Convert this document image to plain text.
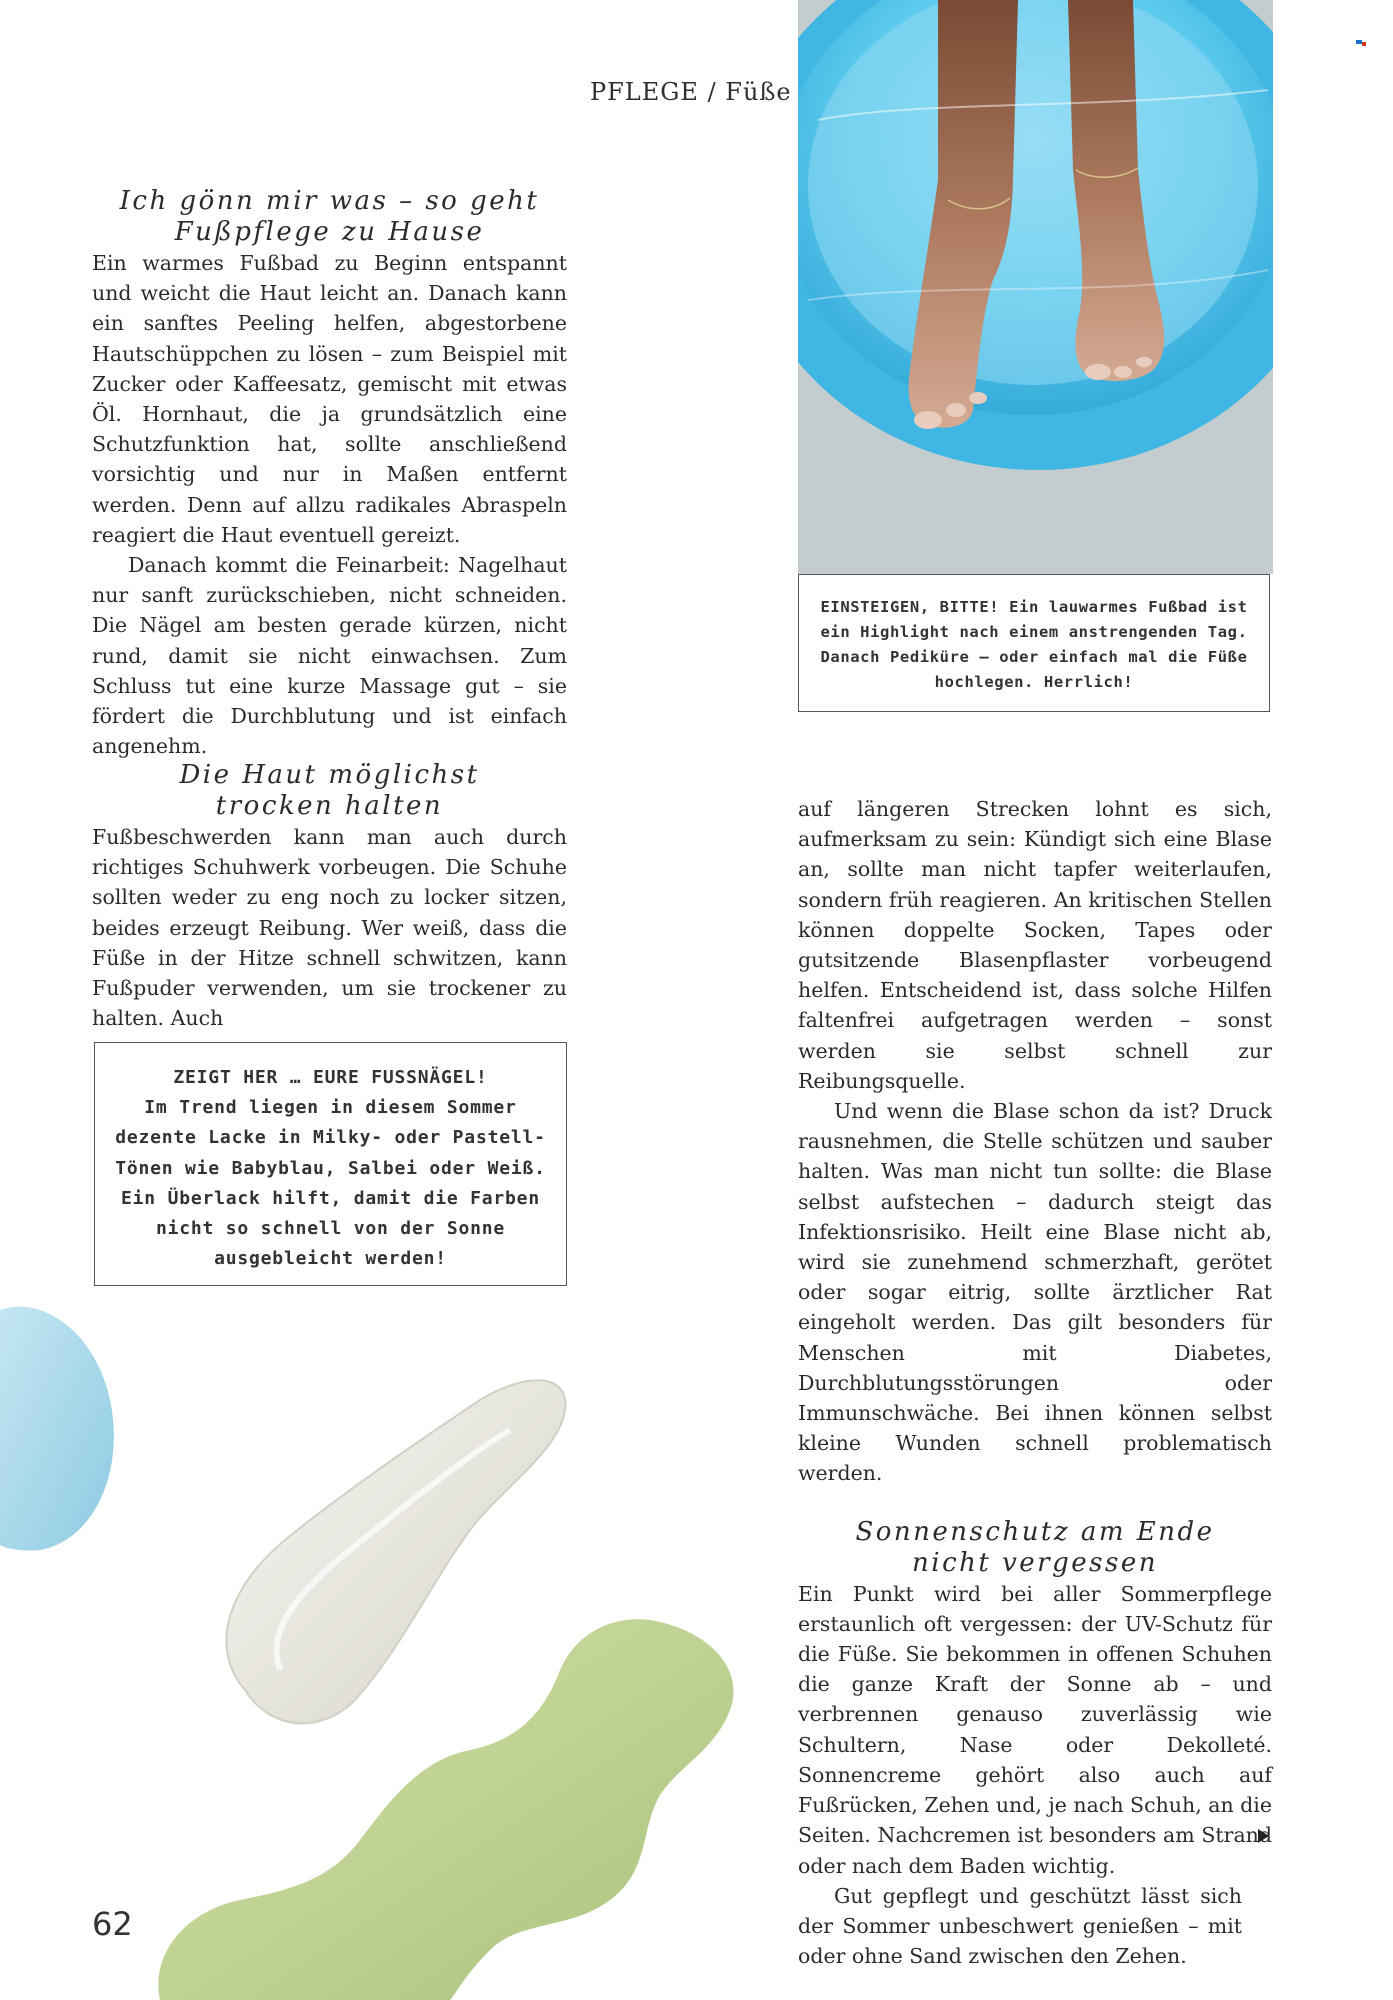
PFLEGE / Füße
EINSTEIGEN, BITTE! Ein lauwarmes Fußbad ist ein Highlight nach einem anstrengenden Tag. Danach Pediküre – oder einfach mal die Füße hochlegen. Herrlich!
Ich gönn mir was – so geht
Fußpflege zu Hause

Ein warmes Fußbad zu Beginn entspannt und weicht die Haut leicht an. Danach kann ein sanftes Peeling helfen, abgestorbene Hautschüppchen zu lösen – zum Beispiel mit Zucker oder Kaffeesatz, gemischt mit etwas Öl. Hornhaut, die ja grundsätzlich eine Schutzfunktion hat, sollte anschließend vorsichtig und nur in Maßen entfernt werden. Denn auf allzu radikales Abraspeln reagiert die Haut eventuell gereizt.

Danach kommt die Feinarbeit: Nagelhaut nur sanft zurückschieben, nicht schneiden. Die Nägel am besten gerade kürzen, nicht rund, damit sie nicht einwachsen. Zum Schluss tut eine kurze Massage gut – sie fördert die Durchblutung und ist einfach angenehm.

Die Haut möglichst
trocken halten

Fußbeschwerden kann man auch durch richtiges Schuhwerk vorbeugen. Die Schuhe sollten weder zu eng noch zu locker sitzen, beides erzeugt Reibung. Wer weiß, dass die Füße in der Hitze schnell schwitzen, kann Fußpuder verwenden, um sie trockener zu halten. Auch

ZEIGT HER … EURE FUSSNÄGEL!
Im Trend liegen in diesem Sommer dezente Lacke in Milky- oder Pastell-Tönen wie Babyblau, Salbei oder Weiß. Ein Überlack hilft, damit die Farben nicht so schnell von der Sonne ausgebleicht werden!

auf längeren Strecken lohnt es sich, aufmerksam zu sein: Kündigt sich eine Blase an, sollte man nicht tapfer weiterlaufen, sondern früh reagieren. An kritischen Stellen können doppelte Socken, Tapes oder gutsitzende Blasenpflaster vorbeugend helfen. Entscheidend ist, dass solche Hilfen faltenfrei aufgetragen werden – sonst werden sie selbst schnell zur Reibungsquelle.

Und wenn die Blase schon da ist? Druck rausnehmen, die Stelle schützen und sauber halten. Was man nicht tun sollte: die Blase selbst aufstechen – dadurch steigt das Infektionsrisiko. Heilt eine Blase nicht ab, wird sie zunehmend schmerzhaft, gerötet oder sogar eitrig, sollte ärztlicher Rat eingeholt werden. Das gilt besonders für Menschen mit Diabetes, Durchblutungsstörungen oder Immunschwäche. Bei ihnen können selbst kleine Wunden schnell problematisch werden.

Sonnenschutz am Ende
nicht vergessen

Ein Punkt wird bei aller Sommerpflege erstaunlich oft vergessen: der UV-Schutz für die Füße. Sie bekommen in offenen Schuhen die ganze Kraft der Sonne ab – und verbrennen genauso zuverlässig wie Schultern, Nase oder Dekolleté. Sonnencreme gehört also auch auf Fußrücken, Zehen und, je nach Schuh, an die Seiten. Nachcremen ist besonders am Strand oder nach dem Baden wichtig.

Gut gepflegt und geschützt lässt sich der Sommer unbeschwert genießen – mit oder ohne Sand zwischen den Zehen.

62
